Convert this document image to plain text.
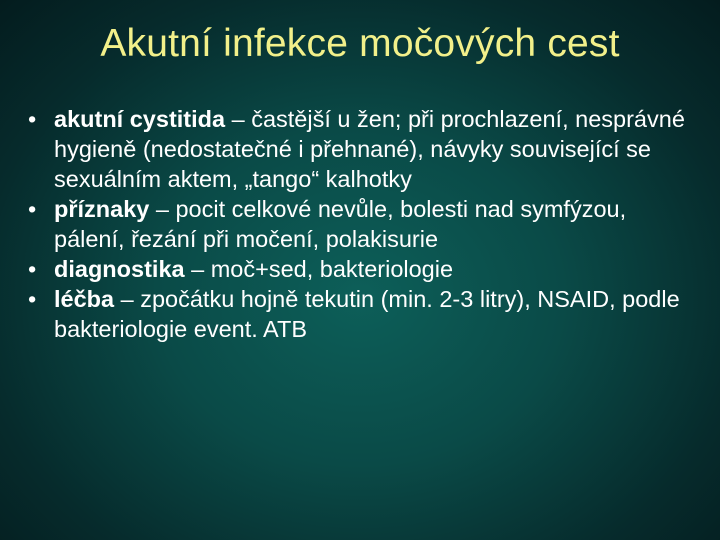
Akutní infekce močových cest
• akutní cystitida – častější u žen; při prochlazení, nesprávné hygieně (nedostatečné i přehnané), návyky související se sexuálním aktem, „tango“ kalhotky
• příznaky – pocit celkové nevůle, bolesti nad symfýzou, pálení, řezání při močení, polakisurie
• diagnostika – moč+sed, bakteriologie
• léčba – zpočátku hojně tekutin (min. 2-3 litry), NSAID, podle bakteriologie event. ATB
